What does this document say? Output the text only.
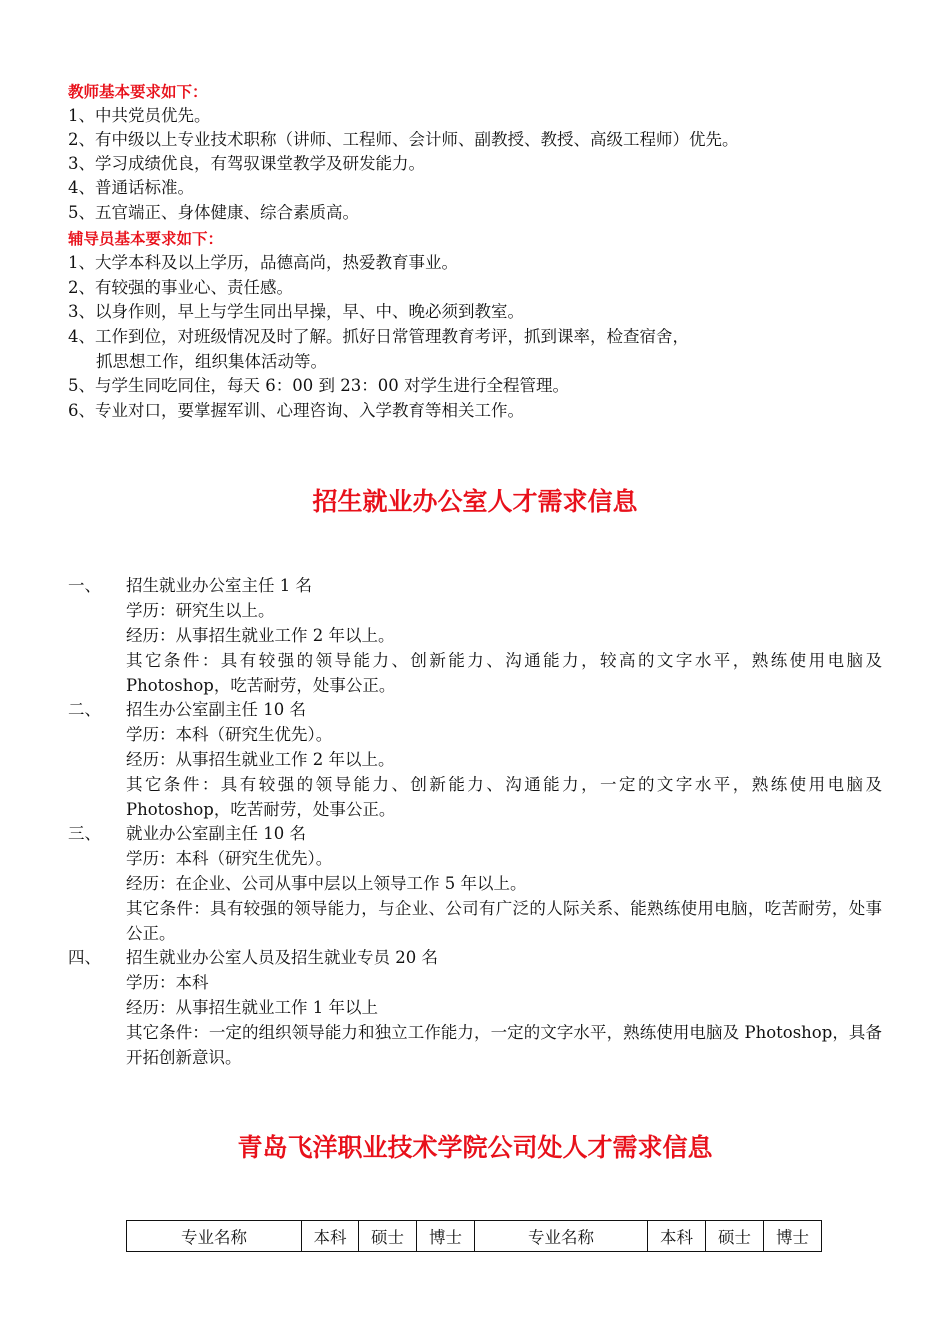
教师基本要求如下：
1、中共党员优先。
2、有中级以上专业技术职称（讲师、工程师、会计师、副教授、教授、高级工程师）优先。
3、学习成绩优良，有驾驭课堂教学及研发能力。
4、普通话标准。
5、五官端正、身体健康、综合素质高。
辅导员基本要求如下：
1、大学本科及以上学历，品德高尚，热爱教育事业。
2、有较强的事业心、责任感。
3、以身作则，早上与学生同出早操，早、中、晚必须到教室。
4、工作到位，对班级情况及时了解。抓好日常管理教育考评，抓到课率，检查宿舍，
抓思想工作，组织集体活动等。
5、与学生同吃同住，每天 6：00 到 23：00 对学生进行全程管理。
6、专业对口，要掌握军训、心理咨询、入学教育等相关工作。
招生就业办公室人才需求信息
一、 招生就业办公室主任 1 名
学历：研究生以上。
经历：从事招生就业工作 2 年以上。
其它条件：具有较强的领导能力、创新能力、沟通能力，较高的文字水平，熟练使用电脑及 Photoshop，吃苦耐劳，处事公正。
二、 招生办公室副主任 10 名
学历：本科（研究生优先）。
经历：从事招生就业工作 2 年以上。
其它条件：具有较强的领导能力、创新能力、沟通能力，一定的文字水平，熟练使用电脑及 Photoshop，吃苦耐劳，处事公正。
三、 就业办公室副主任 10 名
学历：本科（研究生优先）。
经历：在企业、公司从事中层以上领导工作 5 年以上。
其它条件：具有较强的领导能力，与企业、公司有广泛的人际关系、能熟练使用电脑，吃苦耐劳，处事公正。
四、 招生就业办公室人员及招生就业专员 20 名
学历：本科
经历：从事招生就业工作 1 年以上
其它条件：一定的组织领导能力和独立工作能力，一定的文字水平，熟练使用电脑及 Photoshop，具备开拓创新意识。
青岛飞洋职业技术学院公司处人才需求信息
专业名称	本科	硕士	博士	专业名称	本科	硕士	博士
